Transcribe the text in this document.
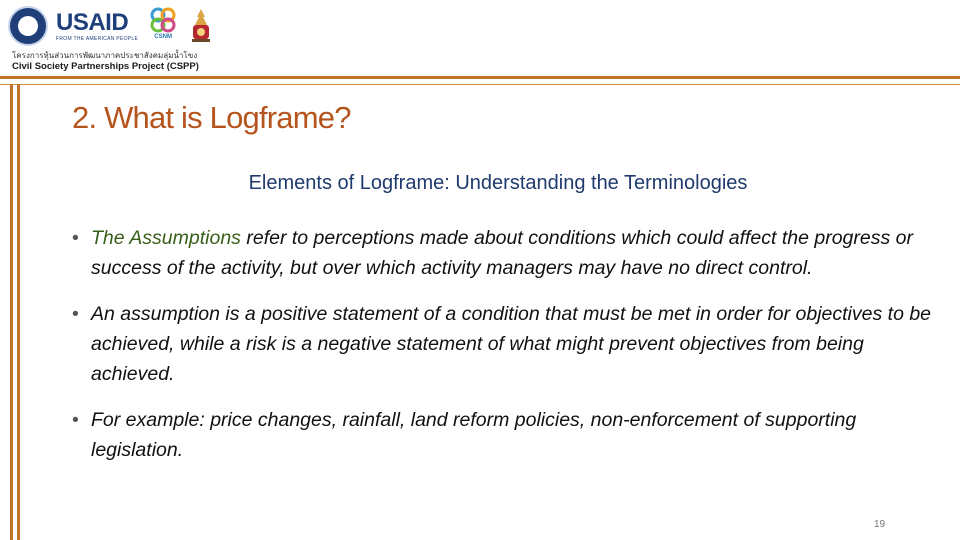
USAID
FROM THE AMERICAN PEOPLE	CSNM
โครงการหุ้นส่วนการพัฒนาภาคประชาสังคมลุ่มน้ำโขง
Civil Society Partnerships Project (CSPP)
2. What is Logframe?
Elements of Logframe: Understanding the Terminologies
• The Assumptions refer to perceptions made about conditions which could affect the progress or success of the activity, but over which activity managers may have no direct control.
• An assumption is a positive statement of a condition that must be met in order for objectives to be achieved, while a risk is a negative statement of what might prevent objectives from being achieved.
• For example: price changes, rainfall, land reform policies, non-enforcement of supporting legislation.
19
